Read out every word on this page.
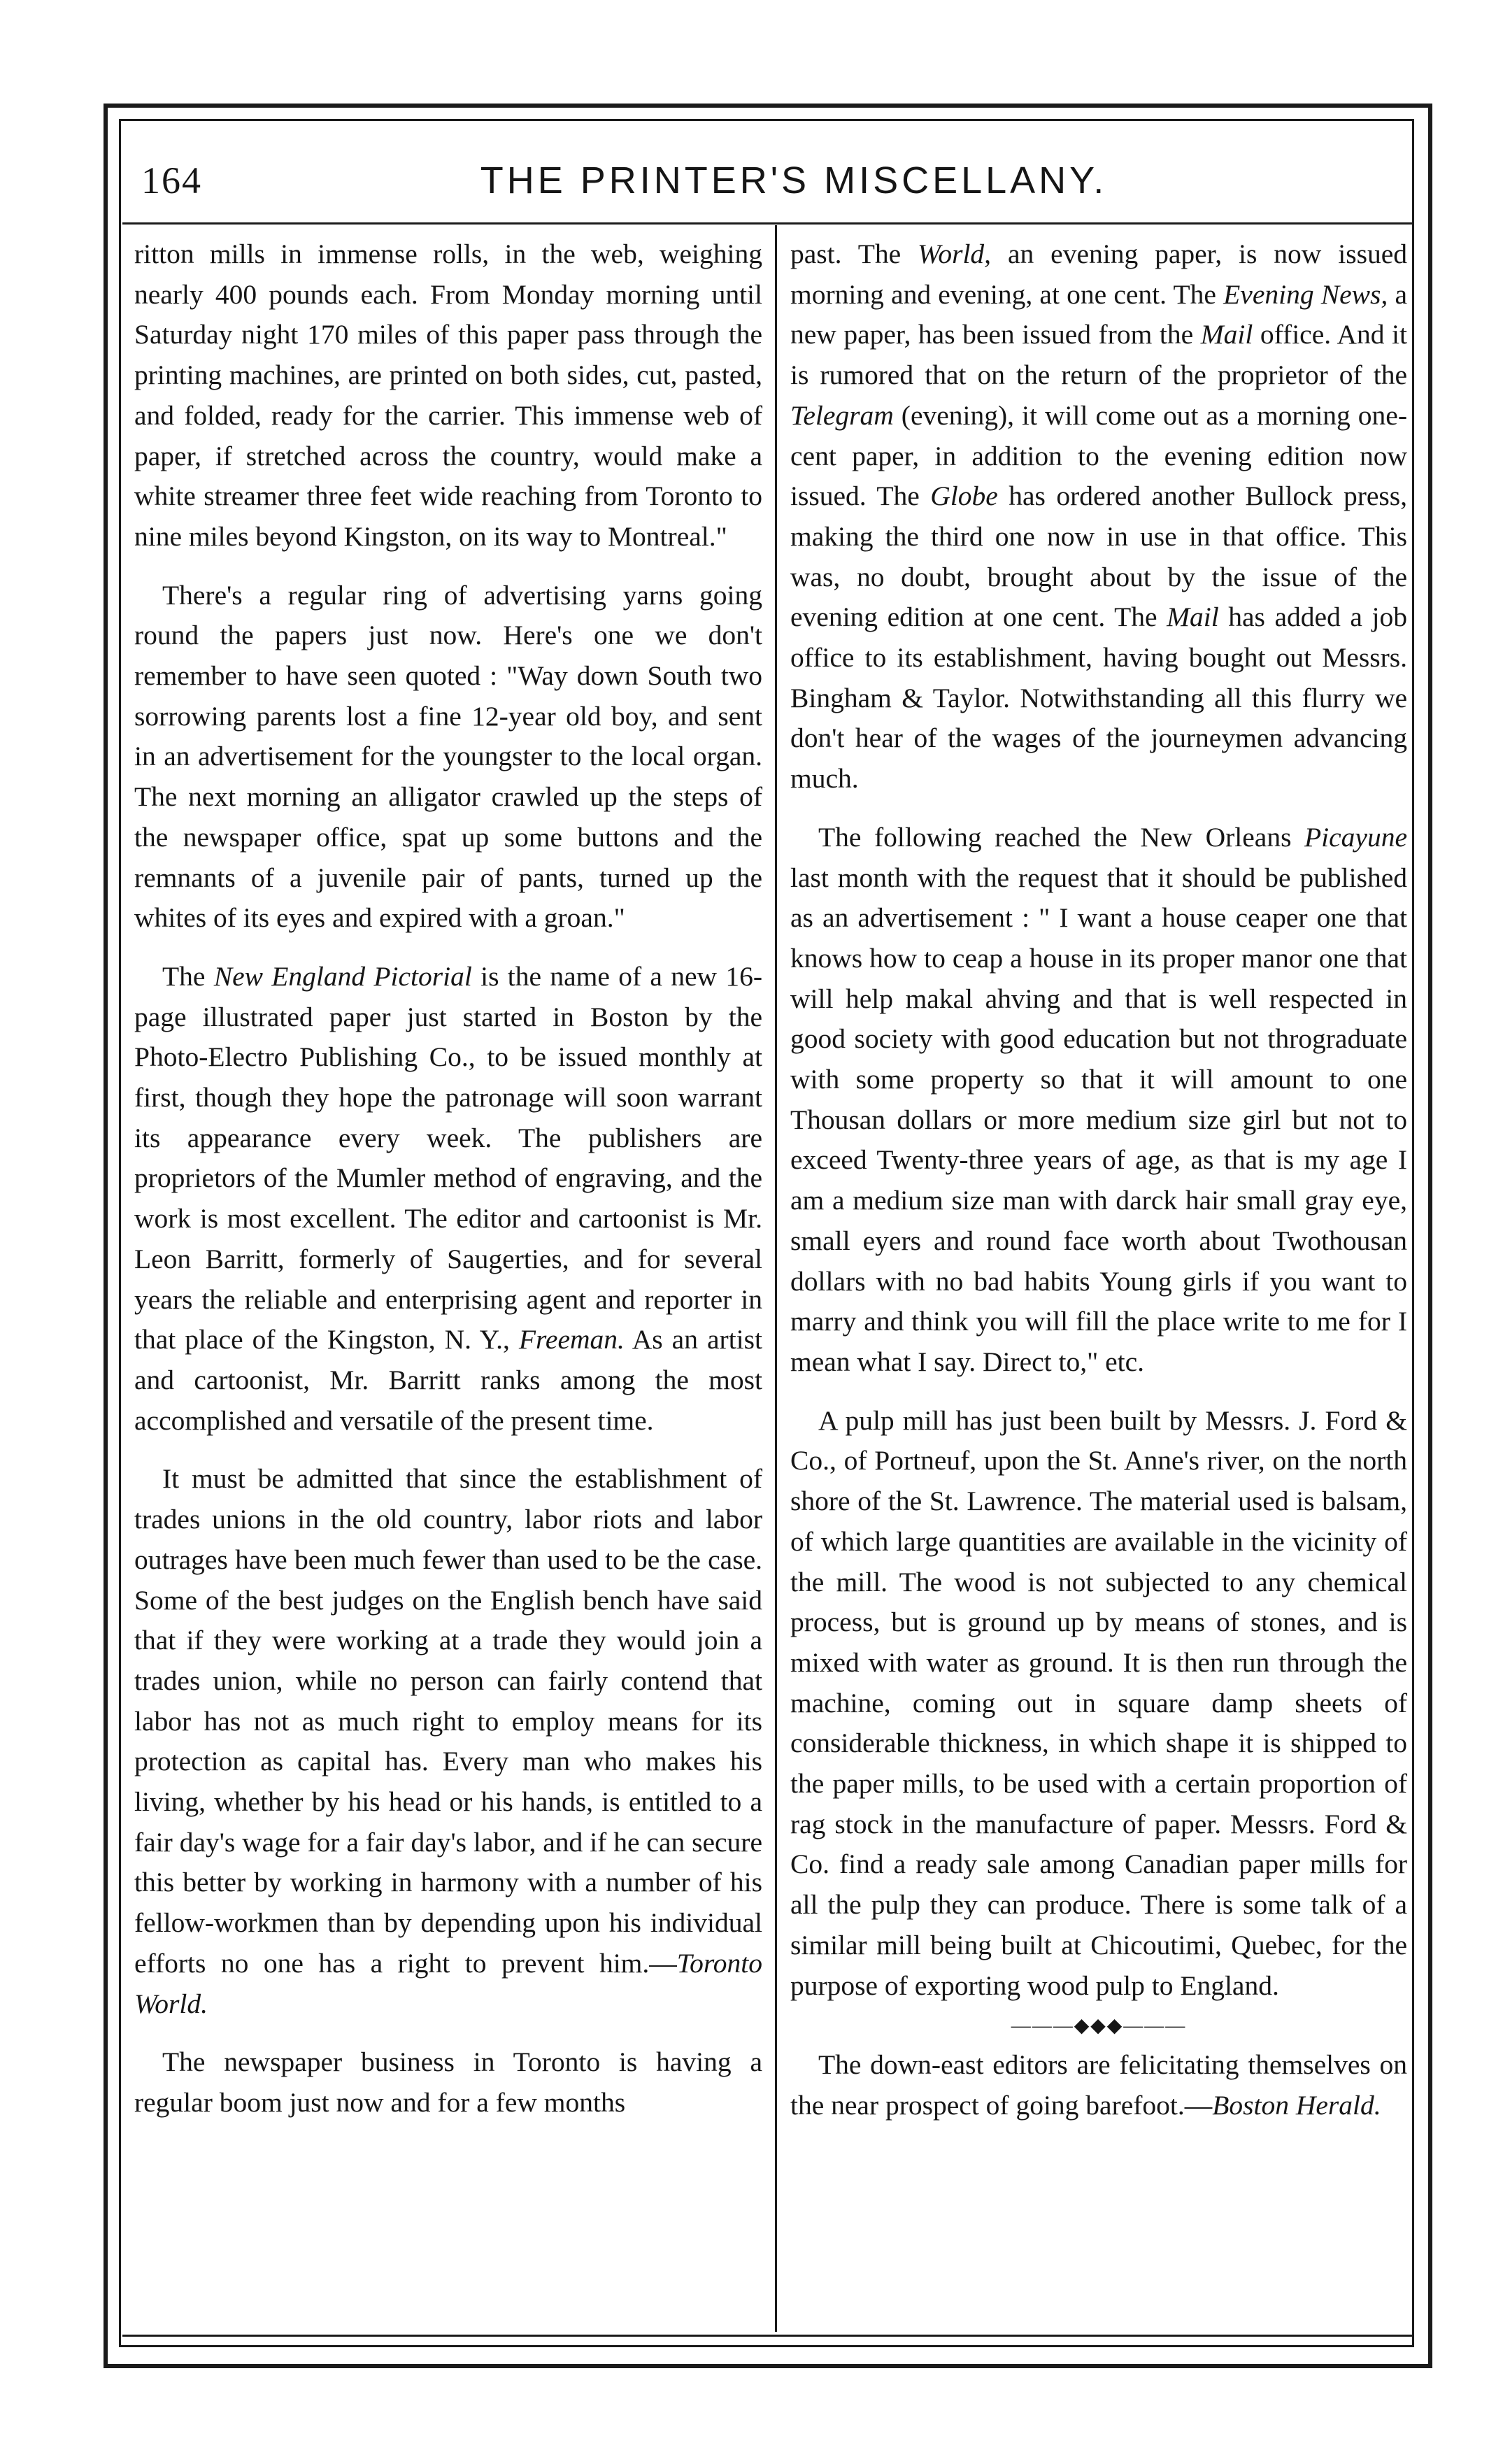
164	THE PRINTER'S MISCELLANY.

ritton mills in immense rolls, in the web, weighing nearly 400 pounds each. From Monday morning until Saturday night 170 miles of this paper pass through the printing machines, are printed on both sides, cut, pasted, and folded, ready for the carrier. This immense web of paper, if stretched across the country, would make a white streamer three feet wide reaching from Toronto to nine miles beyond Kingston, on its way to Montreal."

There's a regular ring of advertising yarns going round the papers just now. Here's one we don't remember to have seen quoted : "Way down South two sorrowing parents lost a fine 12-year old boy, and sent in an advertisement for the youngster to the local organ. The next morning an alligator crawled up the steps of the newspaper office, spat up some buttons and the remnants of a juvenile pair of pants, turned up the whites of its eyes and expired with a groan."

The New England Pictorial is the name of a new 16-page illustrated paper just started in Boston by the Photo-Electro Publishing Co., to be issued monthly at first, though they hope the patronage will soon warrant its appearance every week. The publishers are proprietors of the Mumler method of engraving, and the work is most excellent. The editor and cartoonist is Mr. Leon Barritt, formerly of Saugerties, and for several years the reliable and enterprising agent and reporter in that place of the Kingston, N. Y., Freeman. As an artist and cartoonist, Mr. Barritt ranks among the most accomplished and versatile of the present time.

It must be admitted that since the establishment of trades unions in the old country, labor riots and labor outrages have been much fewer than used to be the case. Some of the best judges on the English bench have said that if they were working at a trade they would join a trades union, while no person can fairly contend that labor has not as much right to employ means for its protection as capital has. Every man who makes his living, whether by his head or his hands, is entitled to a fair day's wage for a fair day's labor, and if he can secure this better by working in harmony with a number of his fellow-workmen than by depending upon his individual efforts no one has a right to prevent him.—Toronto World.

The newspaper business in Toronto is having a regular boom just now and for a few months

past. The World, an evening paper, is now issued morning and evening, at one cent. The Evening News, a new paper, has been issued from the Mail office. And it is rumored that on the return of the proprietor of the Telegram (evening), it will come out as a morning one-cent paper, in addition to the evening edition now issued. The Globe has ordered another Bullock press, making the third one now in use in that office. This was, no doubt, brought about by the issue of the evening edition at one cent. The Mail has added a job office to its establishment, having bought out Messrs. Bingham & Taylor. Notwithstanding all this flurry we don't hear of the wages of the journeymen advancing much.

The following reached the New Orleans Picayune last month with the request that it should be published as an advertisement : " I want a house ceaper one that knows how to ceap a house in its proper manor one that will help makal ahving and that is well respected in good society with good education but not thrograduate with some property so that it will amount to one Thousan dollars or more medium size girl but not to exceed Twenty-three years of age, as that is my age I am a medium size man with darck hair small gray eye, small eyers and round face worth about Twothousan dollars with no bad habits Young girls if you want to marry and think you will fill the place write to me for I mean what I say. Direct to," etc.

A pulp mill has just been built by Messrs. J. Ford & Co., of Portneuf, upon the St. Anne's river, on the north shore of the St. Lawrence. The material used is balsam, of which large quantities are available in the vicinity of the mill. The wood is not subjected to any chemical process, but is ground up by means of stones, and is mixed with water as ground. It is then run through the machine, coming out in square damp sheets of considerable thickness, in which shape it is shipped to the paper mills, to be used with a certain proportion of rag stock in the manufacture of paper. Messrs. Ford & Co. find a ready sale among Canadian paper mills for all the pulp they can produce. There is some talk of a similar mill being built at Chicoutimi, Quebec, for the purpose of exporting wood pulp to England.

———◆◆◆———

The down-east editors are felicitating themselves on the near prospect of going barefoot.—Boston Herald.
